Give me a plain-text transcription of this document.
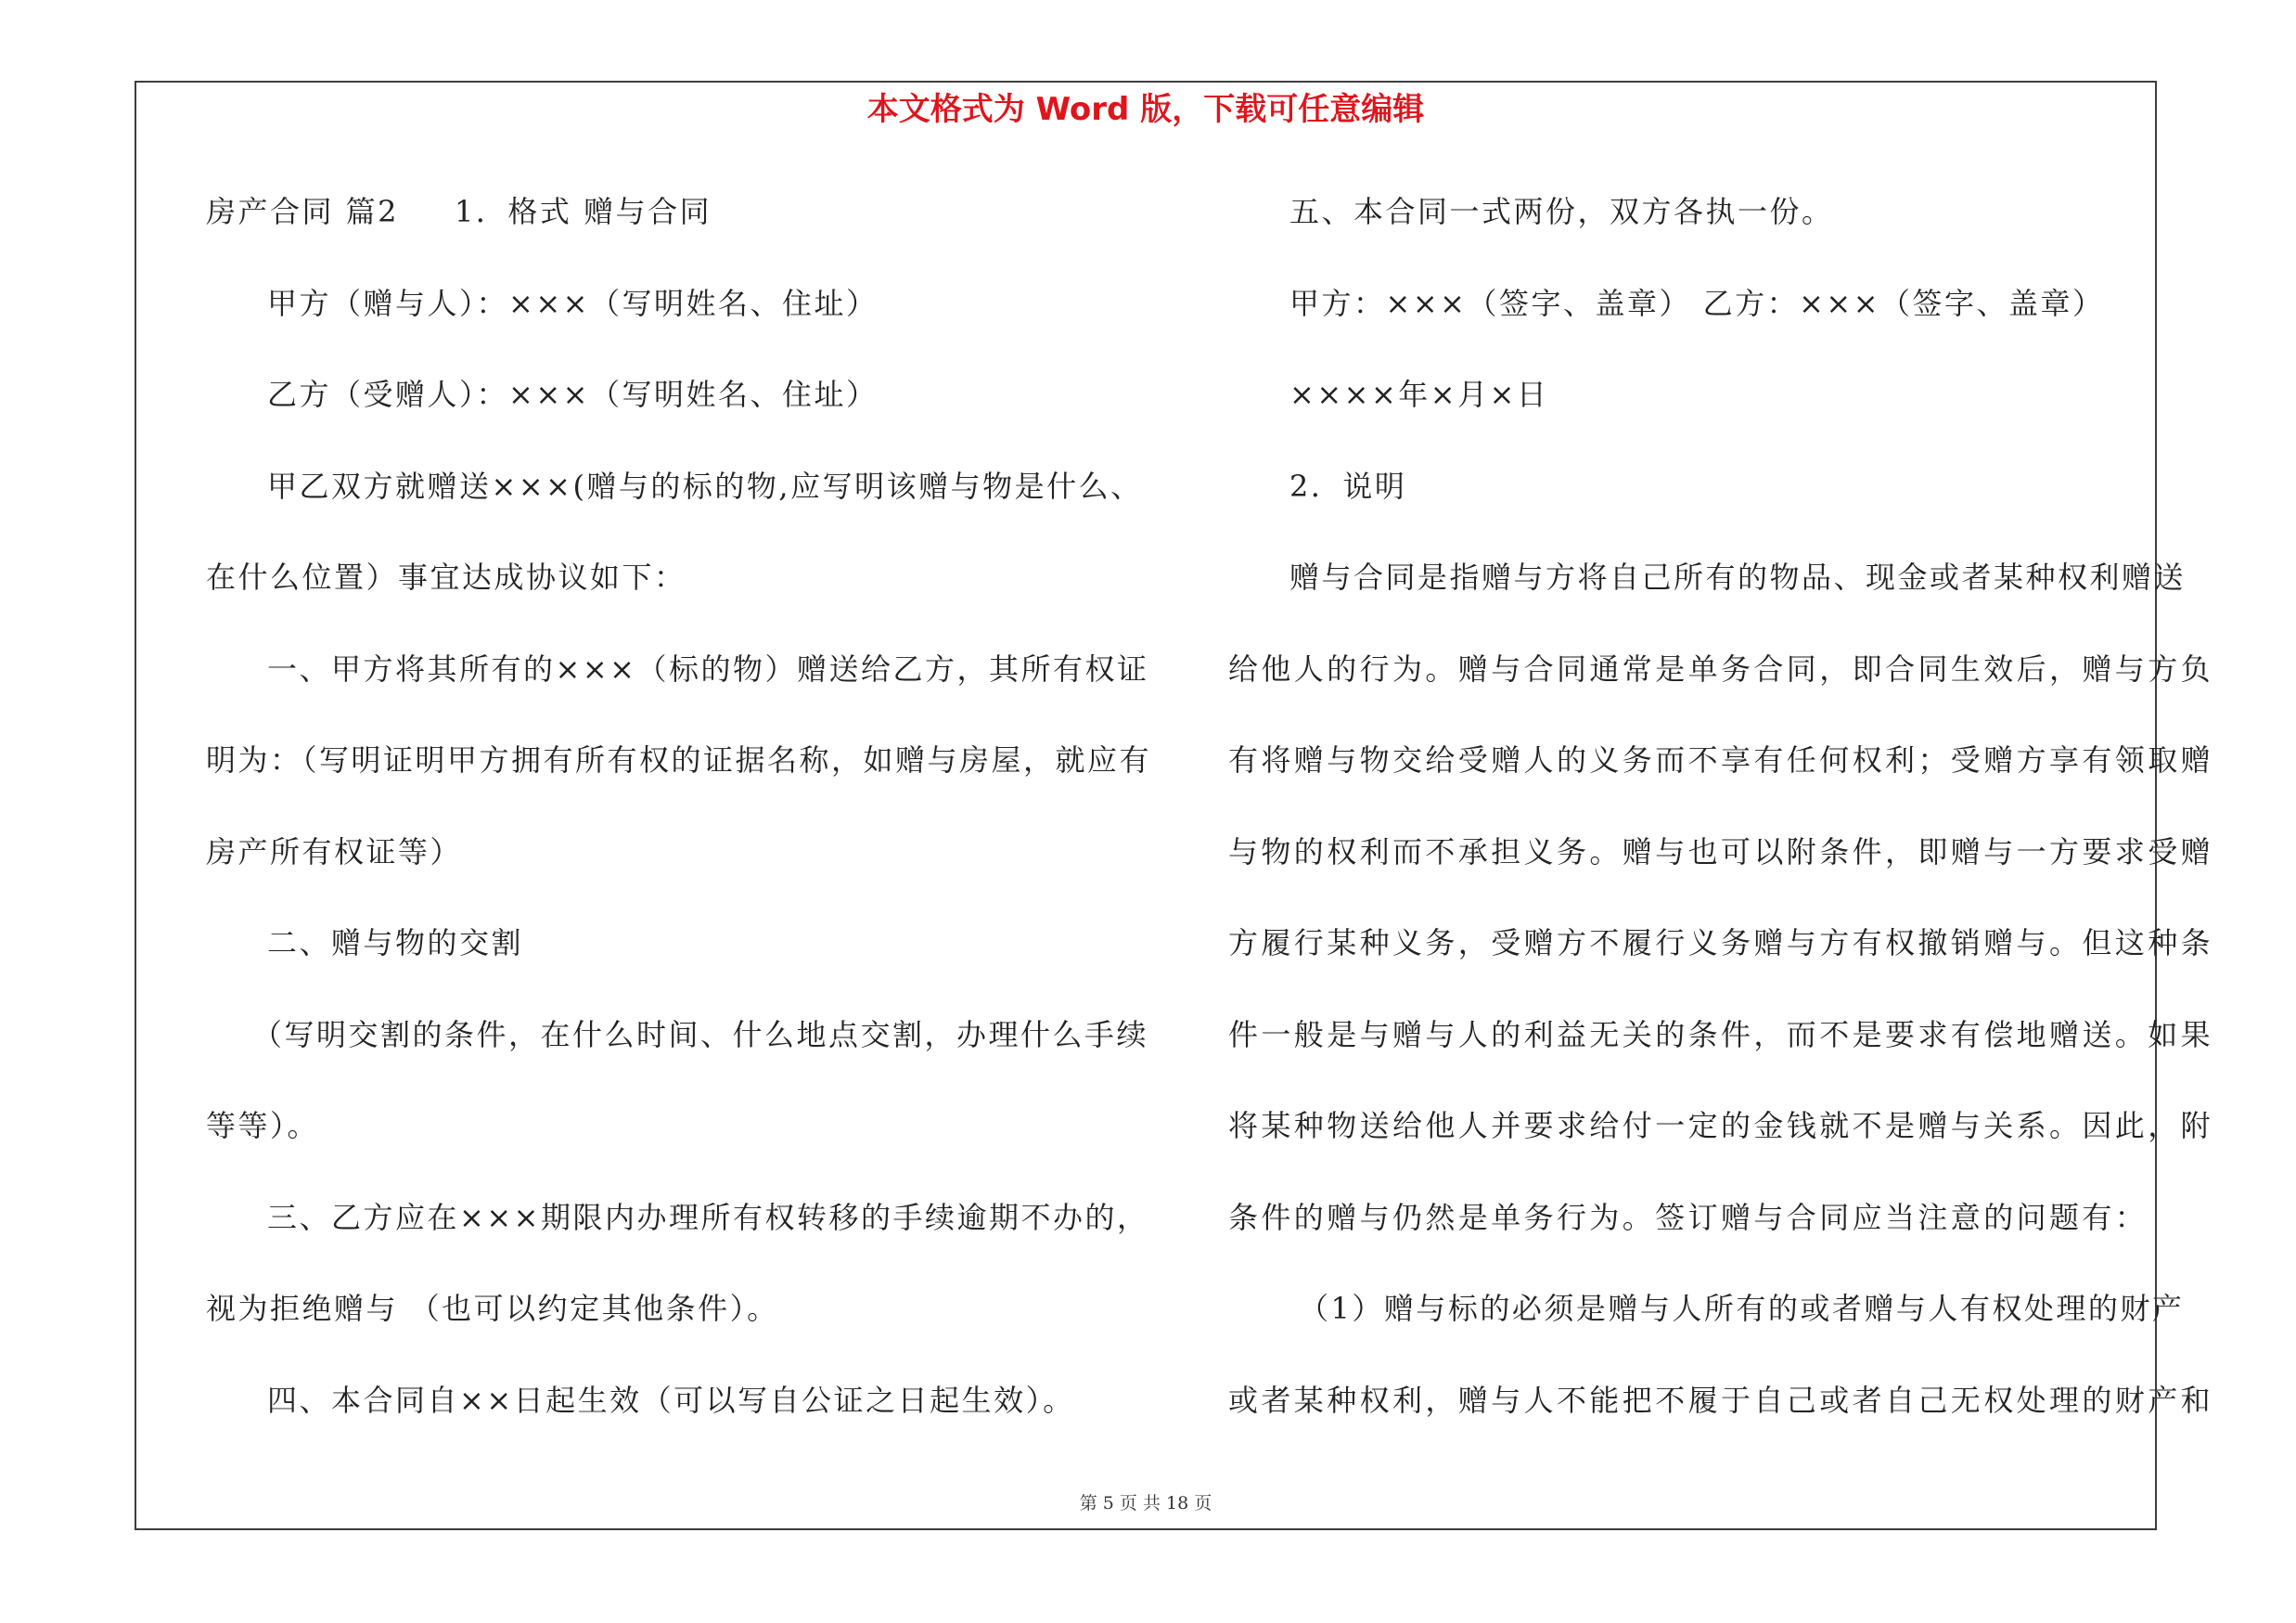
本文格式为 Word 版，下载可任意编辑
房产合同 篇2 1．格式 赠与合同
甲方（赠与人）：×××（写明姓名、住址）
乙方（受赠人）：×××（写明姓名、住址）
甲乙双方就赠送×××(赠与的标的物,应写明该赠与物是什么、
在什么位置）事宜达成协议如下：
一、甲方将其所有的×××（标的物）赠送给乙方，其所有权证
明为：（写明证明甲方拥有所有权的证据名称，如赠与房屋，就应有
房产所有权证等）
二、赠与物的交割
（写明交割的条件，在什么时间、什么地点交割，办理什么手续
等等）。
三、乙方应在×××期限内办理所有权转移的手续逾期不办的，
视为拒绝赠与 （也可以约定其他条件）。
四、本合同自××日起生效（可以写自公证之日起生效）。
五、本合同一式两份，双方各执一份。
甲方：×××（签字、盖章） 乙方：×××（签字、盖章）
××××年×月×日
2．说明
赠与合同是指赠与方将自己所有的物品、现金或者某种权利赠送
给他人的行为。赠与合同通常是单务合同，即合同生效后，赠与方负
有将赠与物交给受赠人的义务而不享有任何权利；受赠方享有领取赠
与物的权利而不承担义务。赠与也可以附条件，即赠与一方要求受赠
方履行某种义务，受赠方不履行义务赠与方有权撤销赠与。但这种条
件一般是与赠与人的利益无关的条件，而不是要求有偿地赠送。如果
将某种物送给他人并要求给付一定的金钱就不是赠与关系。因此，附
条件的赠与仍然是单务行为。签订赠与合同应当注意的问题有：
（1）赠与标的必须是赠与人所有的或者赠与人有权处理的财产
或者某种权利，赠与人不能把不履于自己或者自己无权处理的财产和
第 5 页 共 18 页
